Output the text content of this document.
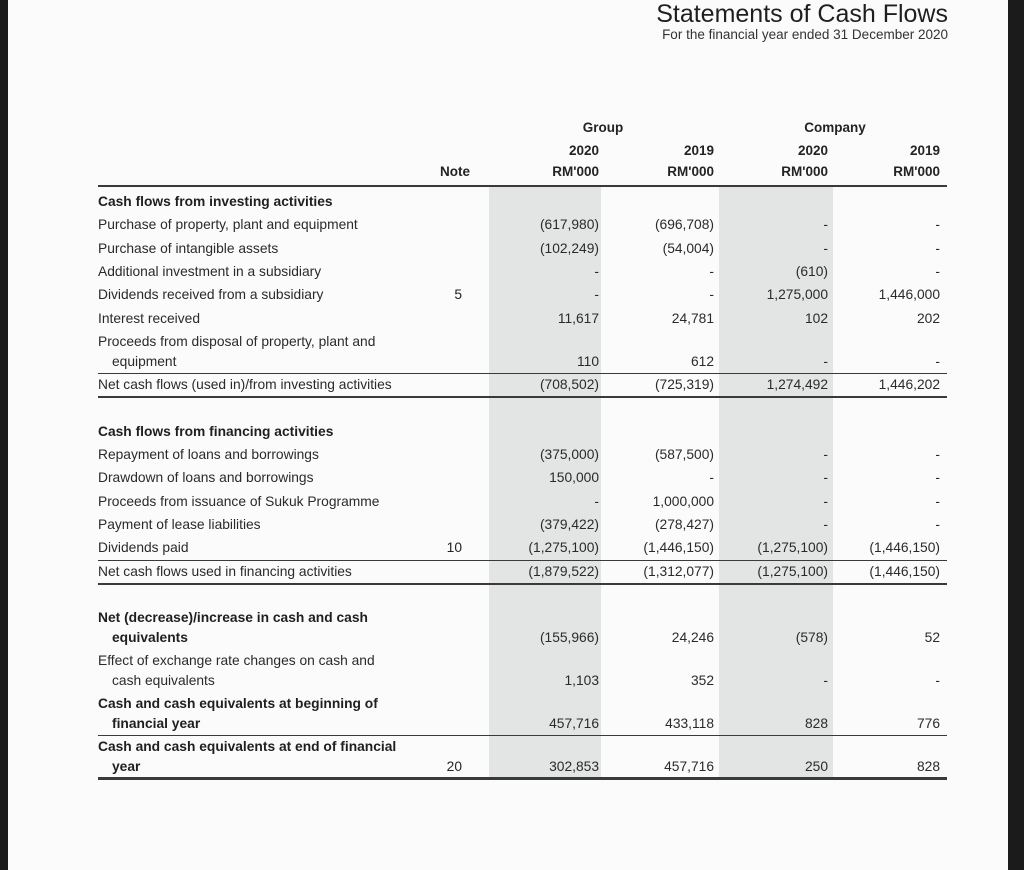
Statements of Cash Flows
For the financial year ended 31 December 2020
Group	Company
2020	2019	2020	2019
Note	RM'000	RM'000	RM'000	RM'000
Cash flows from investing activities
Purchase of property, plant and equipment	(617,980)	(696,708)	-	-
Purchase of intangible assets	(102,249)	(54,004)	-	-
Additional investment in a subsidiary	-	-	(610)	-
Dividends received from a subsidiary	5	-	-	1,275,000	1,446,000
Interest received	11,617	24,781	102	202
Proceeds from disposal of property, plant and
equipment	110	612	-	-
Net cash flows (used in)/from investing activities	(708,502)	(725,319)	1,274,492	1,446,202
Cash flows from financing activities
Repayment of loans and borrowings	(375,000)	(587,500)	-	-
Drawdown of loans and borrowings	150,000	-	-	-
Proceeds from issuance of Sukuk Programme	-	1,000,000	-	-
Payment of lease liabilities	(379,422)	(278,427)	-	-
Dividends paid	10	(1,275,100)	(1,446,150)	(1,275,100)	(1,446,150)
Net cash flows used in financing activities	(1,879,522)	(1,312,077)	(1,275,100)	(1,446,150)
Net (decrease)/increase in cash and cash
equivalents	(155,966)	24,246	(578)	52
Effect of exchange rate changes on cash and
cash equivalents	1,103	352	-	-
Cash and cash equivalents at beginning of
financial year	457,716	433,118	828	776
Cash and cash equivalents at end of financial
year	20	302,853	457,716	250	828
